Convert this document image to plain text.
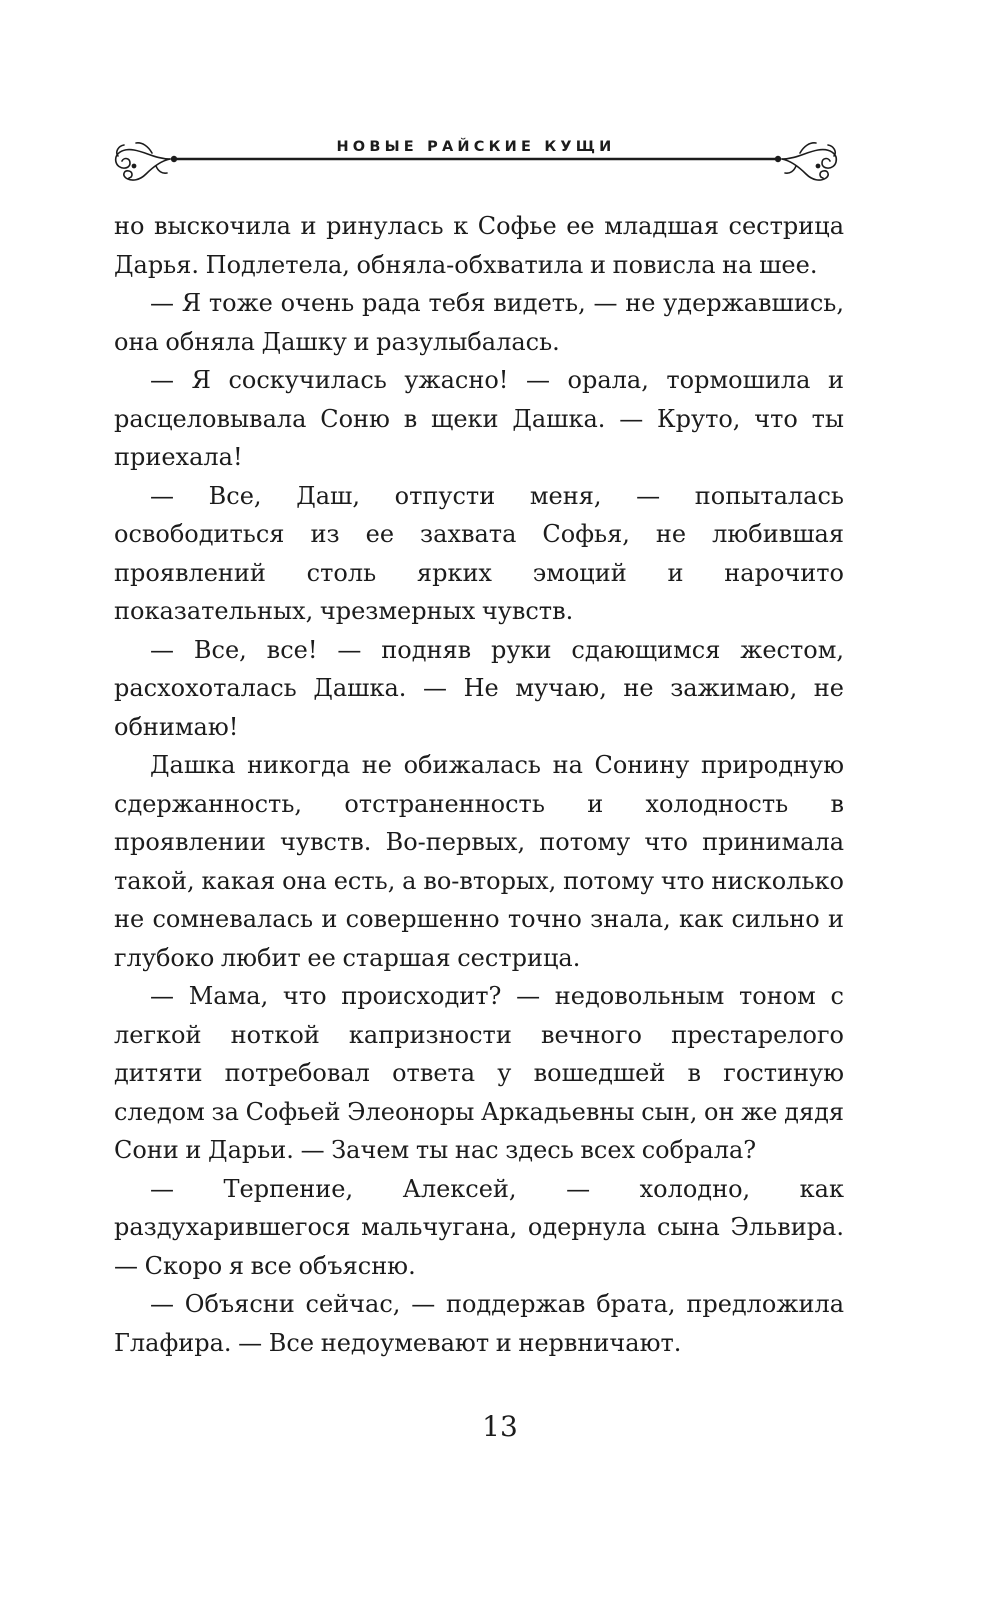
НОВЫЕ РАЙСКИЕ КУЩИ

но выскочила и ринулась к Софье ее младшая сестрица Дарья. Подлетела, обняла-обхватила и повисла на шее.

— Я тоже очень рада тебя видеть, — не удержавшись, она обняла Дашку и разулыбалась.

— Я соскучилась ужасно! — орала, тормошила и расцеловывала Соню в щеки Дашка. — Круто, что ты приехала!

— Все, Даш, отпусти меня, — попыталась освободиться из ее захвата Софья, не любившая проявлений столь ярких эмоций и нарочито показательных, чрезмерных чувств.

— Все, все! — подняв руки сдающимся жестом, расхохоталась Дашка. — Не мучаю, не зажимаю, не обнимаю!

Дашка никогда не обижалась на Сонину природную сдержанность, отстраненность и холодность в проявлении чувств. Во-первых, потому что принимала такой, какая она есть, а во-вторых, потому что нисколько не сомневалась и совершенно точно знала, как сильно и глубоко любит ее старшая сестрица.

— Мама, что происходит? — недовольным тоном с легкой ноткой капризности вечного престарелого дитяти потребовал ответа у вошедшей в гостиную следом за Софьей Элеоноры Аркадьевны сын, он же дядя Сони и Дарьи. — Зачем ты нас здесь всех собрала?

— Терпение, Алексей, — холодно, как раздухарившегося мальчугана, одернула сына Эльвира. — Скоро я все объясню.

— Объясни сейчас, — поддержав брата, предложила Глафира. — Все недоумевают и нервничают.

13
